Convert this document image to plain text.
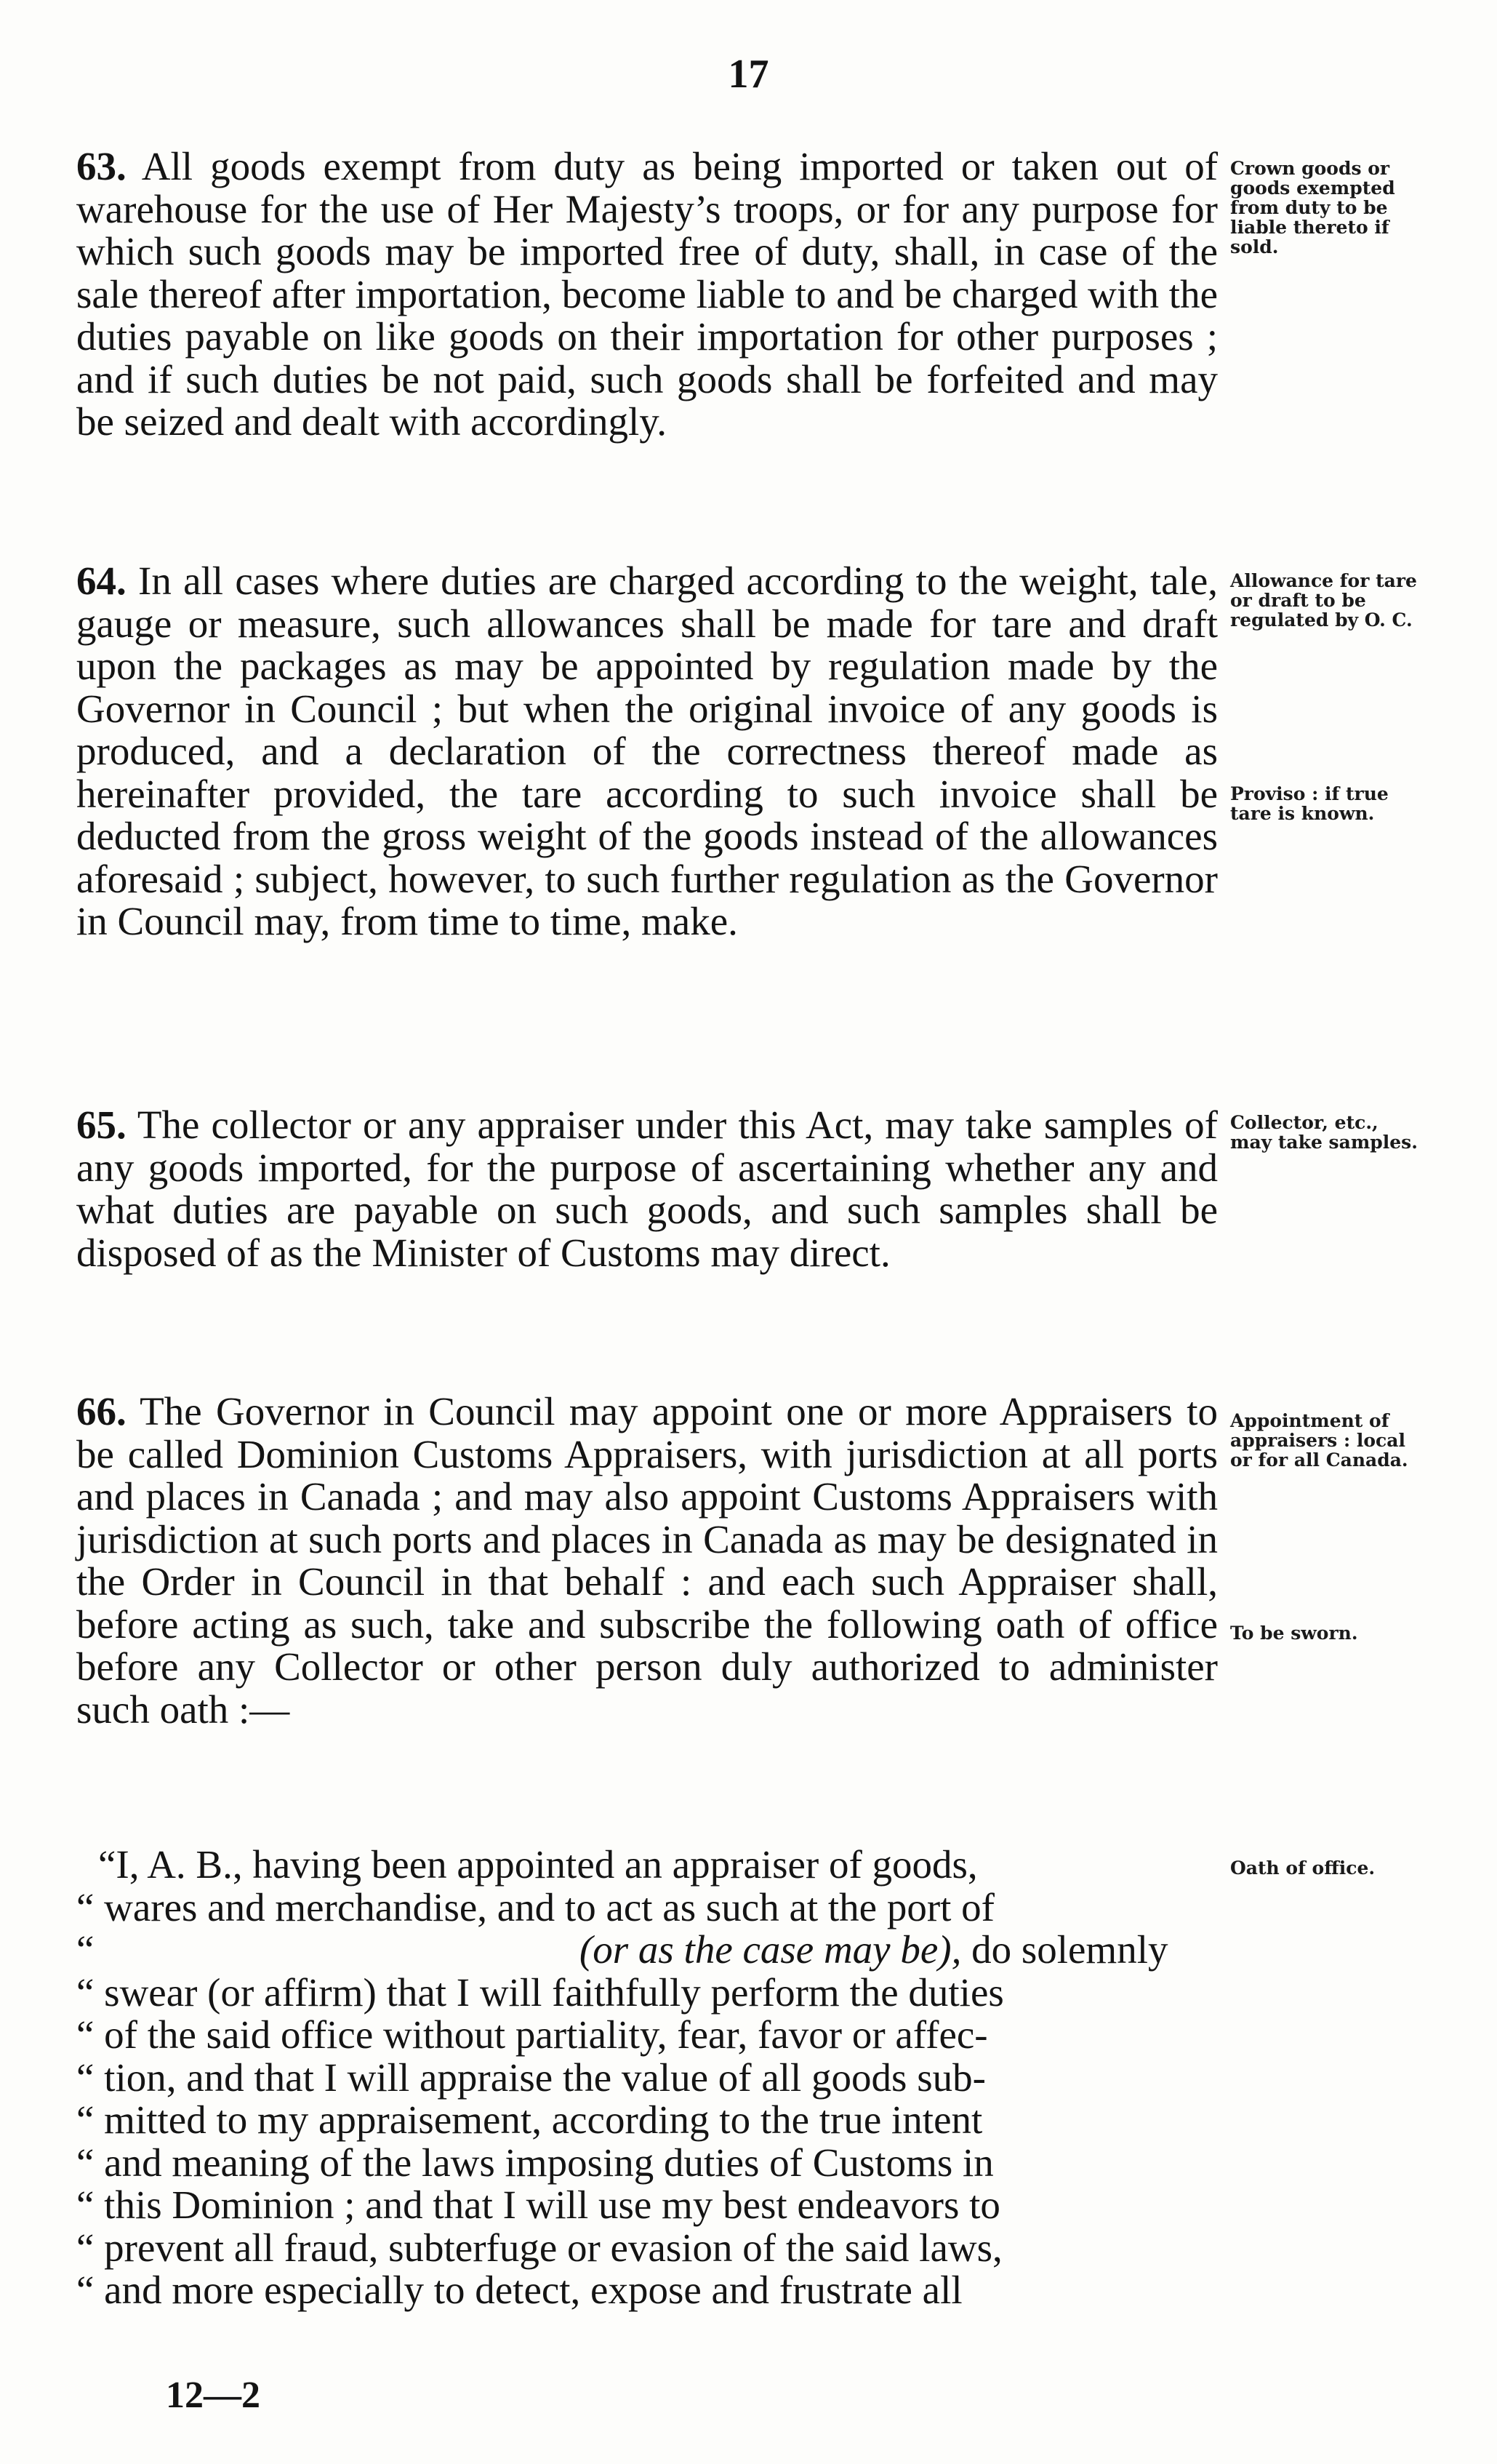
17

63. All goods exempt from duty as being imported or taken out of warehouse for the use of Her Majesty’s troops, or for any purpose for which such goods may be imported free of duty, shall, in case of the sale thereof after importation, become liable to and be charged with the duties payable on like goods on their importation for other purposes ; and if such duties be not paid, such goods shall be forfeited and may be seized and dealt with accordingly.

64. In all cases where duties are charged according to the weight, tale, gauge or measure, such allowances shall be made for tare and draft upon the packages as may be appointed by regulation made by the Governor in Council ; but when the original invoice of any goods is produced, and a declaration of the correctness thereof made as hereinafter provided, the tare according to such invoice shall be deducted from the gross weight of the goods instead of the allowances aforesaid ; subject, however, to such further regulation as the Governor in Council may, from time to time, make.

65. The collector or any appraiser under this Act, may take samples of any goods imported, for the purpose of ascertaining whether any and what duties are payable on such goods, and such samples shall be disposed of as the Minister of Customs may direct.

66. The Governor in Council may appoint one or more Appraisers to be called Dominion Customs Appraisers, with jurisdiction at all ports and places in Canada ; and may also appoint Customs Appraisers with jurisdiction at such ports and places in Canada as may be designated in the Order in Council in that behalf : and each such Appraiser shall, before acting as such, take and subscribe the following oath of office before any Collector or other person duly authorized to administer such oath :—

“I, A. B., having been appointed an appraiser of goods,
“ wares and merchandise, and to act as such at the port of
“	(or as the case may be), do solemnly
“ swear (or affirm) that I will faithfully perform the duties
“ of the said office without partiality, fear, favor or affec-
“ tion, and that I will appraise the value of all goods sub-
“ mitted to my appraisement, according to the true intent
“ and meaning of the laws imposing duties of Customs in
“ this Dominion ; and that I will use my best endeavors to
“ prevent all fraud, subterfuge or evasion of the said laws,
“ and more especially to detect, expose and frustrate all
Crown goods or goods exempted from duty to be liable thereto if sold.
Allowance for tare or draft to be regulated by O. C.
Proviso : if true tare is known.
Collector, etc., may take samples.
Appointment of appraisers : local or for all Canada.
To be sworn.
Oath of office.
12—2
